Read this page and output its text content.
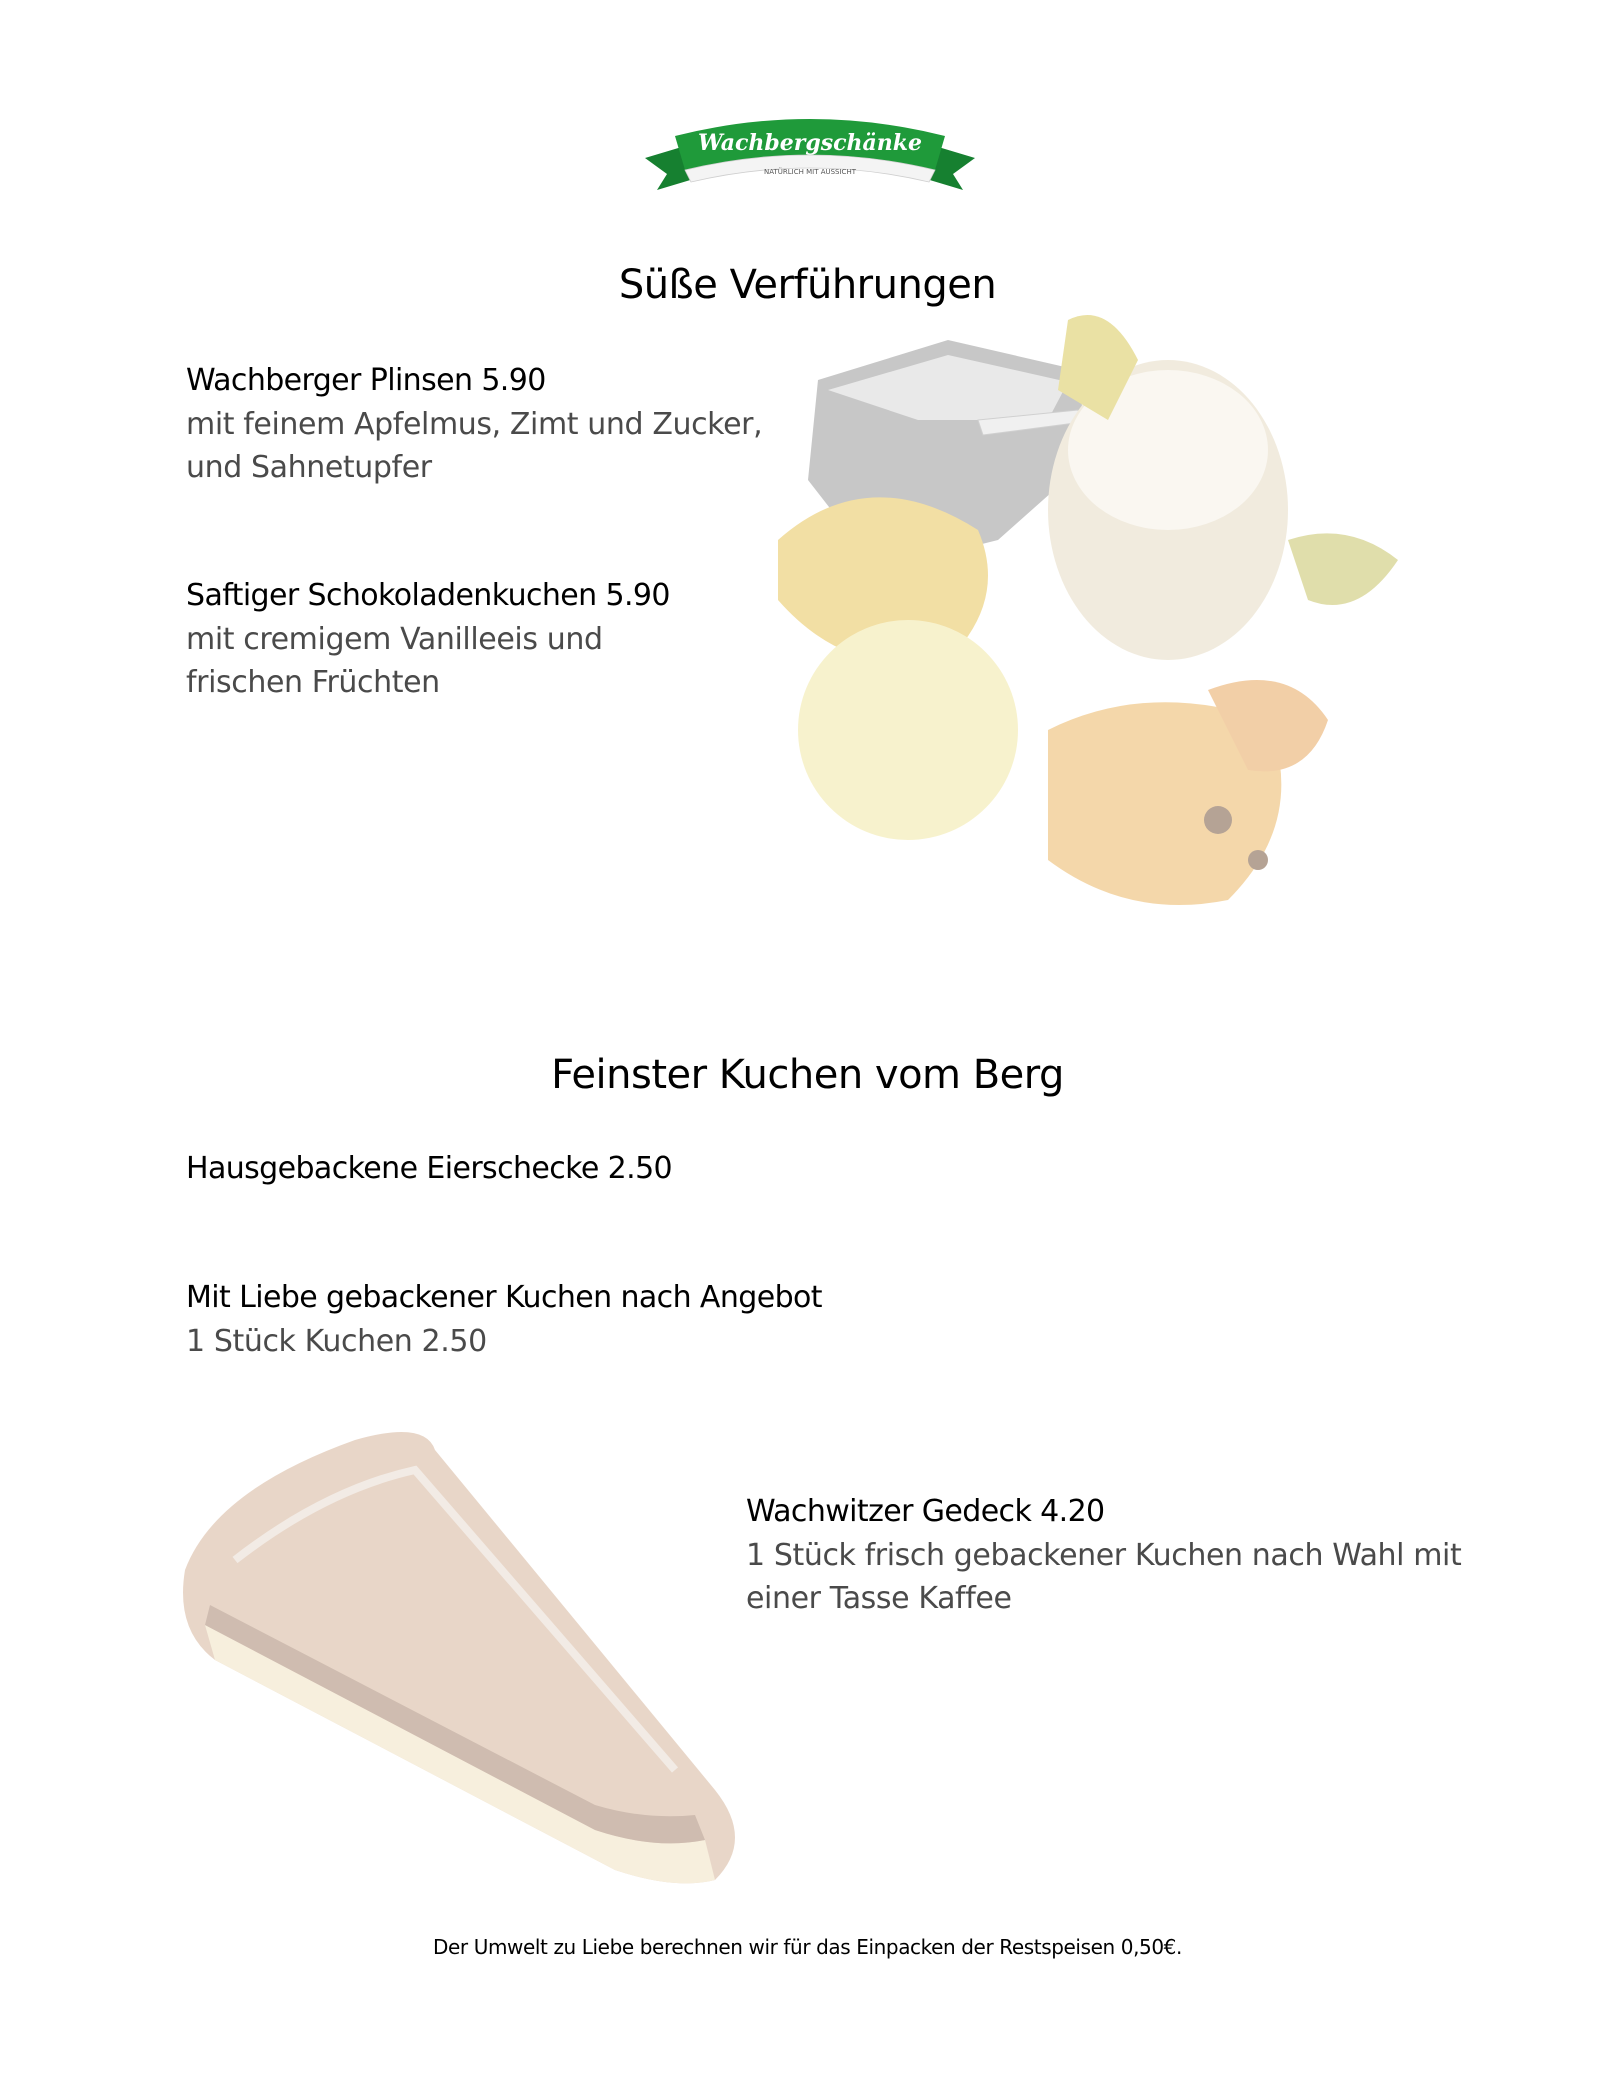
Wachbergschänke
NATÜRLICH MIT AUSSICHT
Süße Verführungen
Wachberger Plinsen 5.90
mit feinem Apfelmus, Zimt und Zucker,
und Sahnetupfer
Saftiger Schokoladenkuchen 5.90
mit cremigem Vanilleeis und
frischen Früchten
Feinster Kuchen vom Berg
Hausgebackene Eierschecke 2.50
Mit Liebe gebackener Kuchen nach Angebot
1 Stück Kuchen 2.50
Wachwitzer Gedeck 4.20
1 Stück frisch gebackener Kuchen nach Wahl mit
einer Tasse Kaffee
Der Umwelt zu Liebe berechnen wir für das Einpacken der Restspeisen 0,50€.
